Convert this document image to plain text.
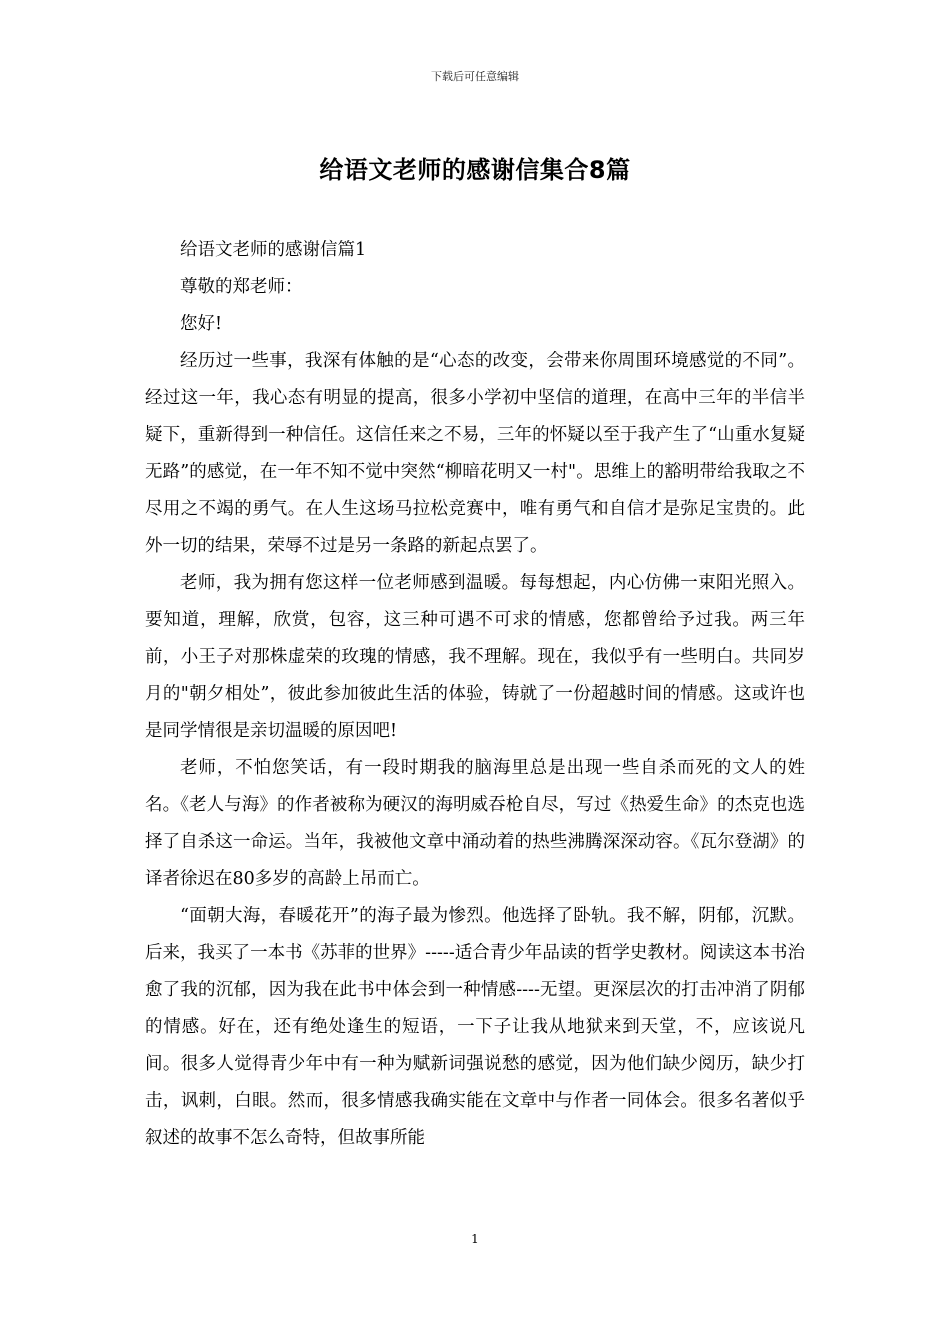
下载后可任意编辑
给语文老师的感谢信集合8篇

给语文老师的感谢信篇1

尊敬的郑老师：

您好!

经历过一些事，我深有体触的是“心态的改变，会带来你周围环境感觉的不同”。经过这一年，我心态有明显的提高，很多小学初中坚信的道理，在高中三年的半信半疑下，重新得到一种信任。这信任来之不易，三年的怀疑以至于我产生了“山重水复疑无路”的感觉，在一年不知不觉中突然“柳暗花明又一村"。思维上的豁明带给我取之不尽用之不竭的勇气。在人生这场马拉松竞赛中，唯有勇气和自信才是弥足宝贵的。此外一切的结果，荣辱不过是另一条路的新起点罢了。

老师，我为拥有您这样一位老师感到温暖。每每想起，内心仿佛一束阳光照入。要知道，理解，欣赏，包容，这三种可遇不可求的情感，您都曾给予过我。两三年前，小王子对那株虚荣的玫瑰的情感，我不理解。现在，我似乎有一些明白。共同岁月的"朝夕相处”，彼此参加彼此生活的体验，铸就了一份超越时间的情感。这或许也是同学情很是亲切温暖的原因吧!

老师，不怕您笑话，有一段时期我的脑海里总是出现一些自杀而死的文人的姓名。《老人与海》的作者被称为硬汉的海明威吞枪自尽，写过《热爱生命》的杰克也选择了自杀这一命运。当年，我被他文章中涌动着的热些沸腾深深动容。《瓦尔登湖》的译者徐迟在80多岁的高龄上吊而亡。

“面朝大海，春暖花开”的海子最为惨烈。他选择了卧轨。我不解，阴郁，沉默。后来，我买了一本书《苏菲的世界》-----适合青少年品读的哲学史教材。阅读这本书治愈了我的沉郁，因为我在此书中体会到一种情感----无望。更深层次的打击冲消了阴郁的情感。好在，还有绝处逢生的短语，一下子让我从地狱来到天堂，不，应该说凡间。很多人觉得青少年中有一种为赋新词强说愁的感觉，因为他们缺少阅历，缺少打击，讽刺，白眼。然而，很多情感我确实能在文章中与作者一同体会。很多名著似乎叙述的故事不怎么奇特，但故事所能

1
